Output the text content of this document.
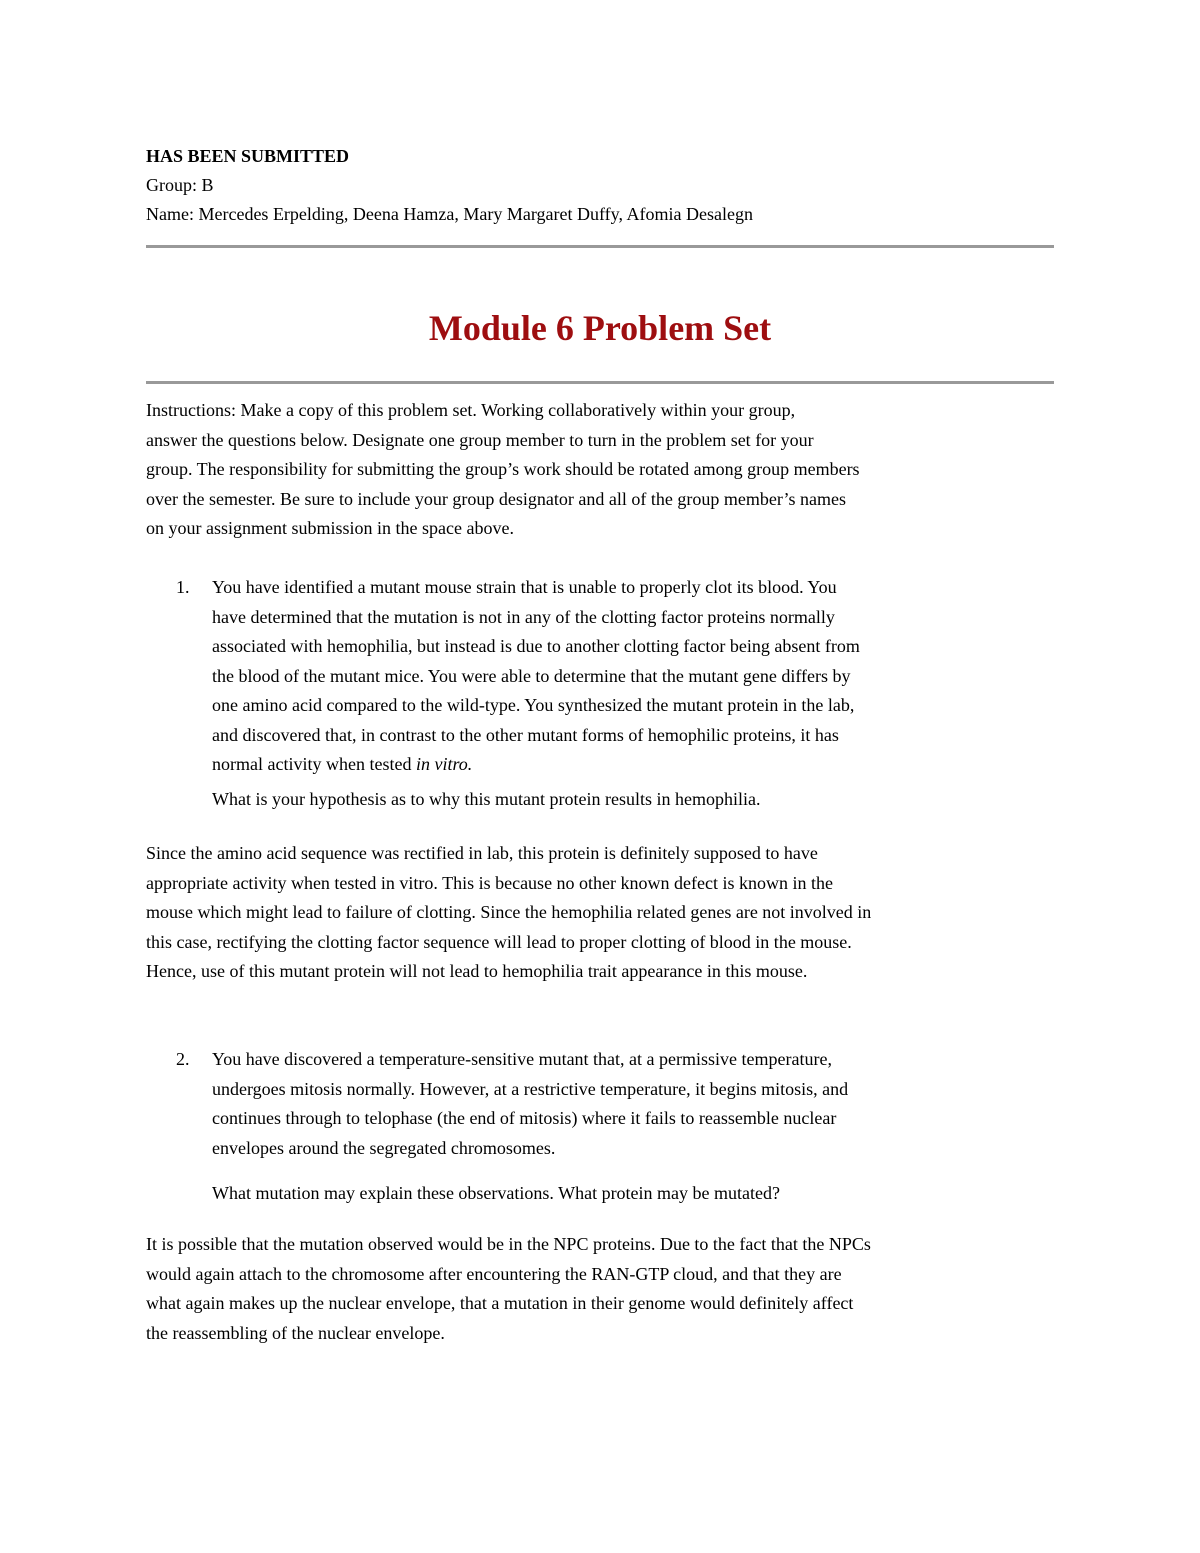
HAS BEEN SUBMITTED
Group: B
Name: Mercedes Erpelding, Deena Hamza, Mary Margaret Duffy, Afomia Desalegn
Module 6 Problem Set

Instructions: Make a copy of this problem set. Working collaboratively within your group,
answer the questions below. Designate one group member to turn in the problem set for your
group. The responsibility for submitting the group’s work should be rotated among group members
over the semester. Be sure to include your group designator and all of the group member’s names
on your assignment submission in the space above.

1. You have identified a mutant mouse strain that is unable to properly clot its blood. You
have determined that the mutation is not in any of the clotting factor proteins normally
associated with hemophilia, but instead is due to another clotting factor being absent from
the blood of the mutant mice. You were able to determine that the mutant gene differs by
one amino acid compared to the wild-type. You synthesized the mutant protein in the lab,
and discovered that, in contrast to the other mutant forms of hemophilic proteins, it has
normal activity when tested in vitro.

What is your hypothesis as to why this mutant protein results in hemophilia.

Since the amino acid sequence was rectified in lab, this protein is definitely supposed to have
appropriate activity when tested in vitro. This is because no other known defect is known in the
mouse which might lead to failure of clotting. Since the hemophilia related genes are not involved in
this case, rectifying the clotting factor sequence will lead to proper clotting of blood in the mouse.
Hence, use of this mutant protein will not lead to hemophilia trait appearance in this mouse.

2. You have discovered a temperature-sensitive mutant that, at a permissive temperature,
undergoes mitosis normally. However, at a restrictive temperature, it begins mitosis, and
continues through to telophase (the end of mitosis) where it fails to reassemble nuclear
envelopes around the segregated chromosomes.

What mutation may explain these observations. What protein may be mutated?

It is possible that the mutation observed would be in the NPC proteins. Due to the fact that the NPCs
would again attach to the chromosome after encountering the RAN-GTP cloud, and that they are
what again makes up the nuclear envelope, that a mutation in their genome would definitely affect
the reassembling of the nuclear envelope.
